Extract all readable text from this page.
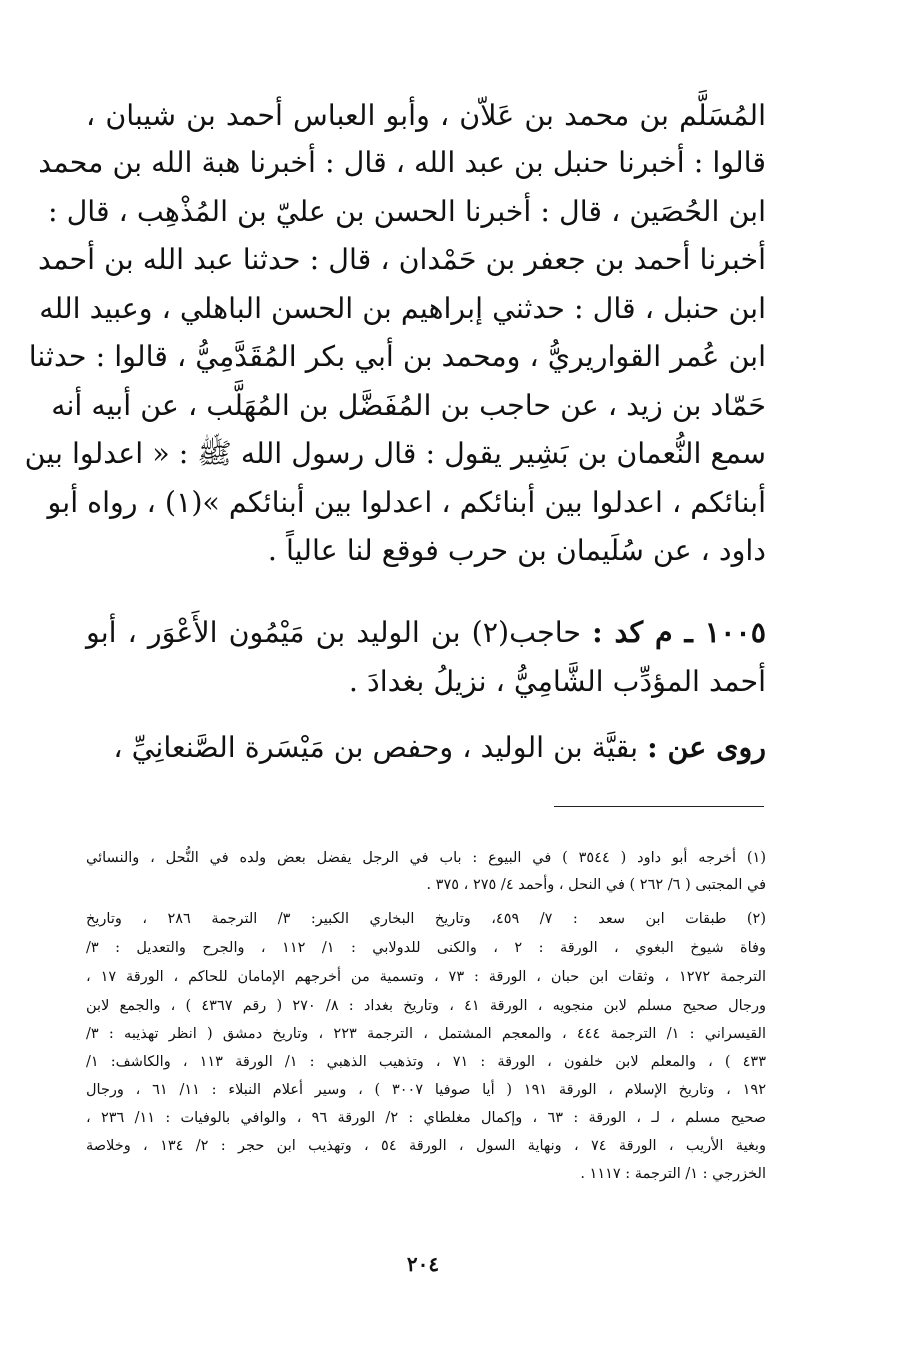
المُسَلَّم بن محمد بن عَلاّن ، وأبو العباس أحمد بن شيبان ،
قالوا : أخبرنا حنبل بن عبد الله ، قال : أخبرنا هبة الله بن محمد
ابن الحُصَين ، قال : أخبرنا الحسن بن عليّ بن المُذْهِب ، قال :
أخبرنا أحمد بن جعفر بن حَمْدان ، قال : حدثنا عبد الله بن أحمد
ابن حنبل ، قال : حدثني إبراهيم بن الحسن الباهلي ، وعبيد الله
ابن عُمر القواريريُّ ، ومحمد بن أبي بكر المُقَدَّمِيُّ ، قالوا : حدثنا
حَمّاد بن زيد ، عن حاجب بن المُفَضَّل بن المُهَلَّب ، عن أبيه أنه
سمع النُّعمان بن بَشِير يقول : قال رسول الله ﷺ : « اعدلوا بين
أبنائكم ، اعدلوا بين أبنائكم ، اعدلوا بين أبنائكم »(١) ، رواه أبو
داود ، عن سُلَيمان بن حرب فوقع لنا عالياً .
١٠٠٥ ـ م كد : حاجب(٢) بن الوليد بن مَيْمُون الأَعْوَر ، أبو
أحمد المؤدِّب الشَّامِيُّ ، نزيلُ بغدادَ .
روى عن : بقيَّة بن الوليد ، وحفص بن مَيْسَرة الصَّنعانِيِّ ،
(١) أخرجه أبو داود ( ٣٥٤٤ ) في البيوع : باب في الرجل يفضل بعض ولده في النُّحل ، والنسائي
في المجتبى ( ٦/ ٢٦٢ ) في النحل ، وأحمد ٤/ ٢٧٥ ، ٣٧٥ .
(٢) طبقات ابن سعد : ٧/ ٤٥٩، وتاريخ البخاري الكبير: ٣/ الترجمة ٢٨٦ ، وتاريخ
وفاة شيوخ البغوي ، الورقة : ٢ ، والكنى للدولابي : ١/ ١١٢ ، والجرح والتعديل : ٣/
الترجمة ١٢٧٢ ، وثقات ابن حبان ، الورقة : ٧٣ ، وتسمية من أخرجهم الإمامان للحاكم ، الورقة ١٧ ،
ورجال صحيح مسلم لابن منجويه ، الورقة ٤١ ، وتاريخ بغداد : ٨/ ٢٧٠ ( رقم ٤٣٦٧ ) ، والجمع لابن
القيسراني : ١/ الترجمة ٤٤٤ ، والمعجم المشتمل ، الترجمة ٢٢٣ ، وتاريخ دمشق ( انظر تهذيبه : ٣/
٤٣٣ ) ، والمعلم لابن خلفون ، الورقة : ٧١ ، وتذهيب الذهبي : ١/ الورقة ١١٣ ، والكاشف: ١/
١٩٢ ، وتاريخ الإسلام ، الورقة ١٩١ ( أيا صوفيا ٣٠٠٧ ) ، وسير أعلام النبلاء : ١١/ ٦١ ، ورجال
صحيح مسلم ، لـ ، الورقة : ٦٣ ، وإكمال مغلطاي : ٢/ الورقة ٩٦ ، والوافي بالوفيات : ١١/ ٢٣٦ ،
وبغية الأريب ، الورقة ٧٤ ، ونهاية السول ، الورقة ٥٤ ، وتهذيب ابن حجر : ٢/ ١٣٤ ، وخلاصة
الخزرجي : ١/ الترجمة : ١١١٧ .
٢٠٤
